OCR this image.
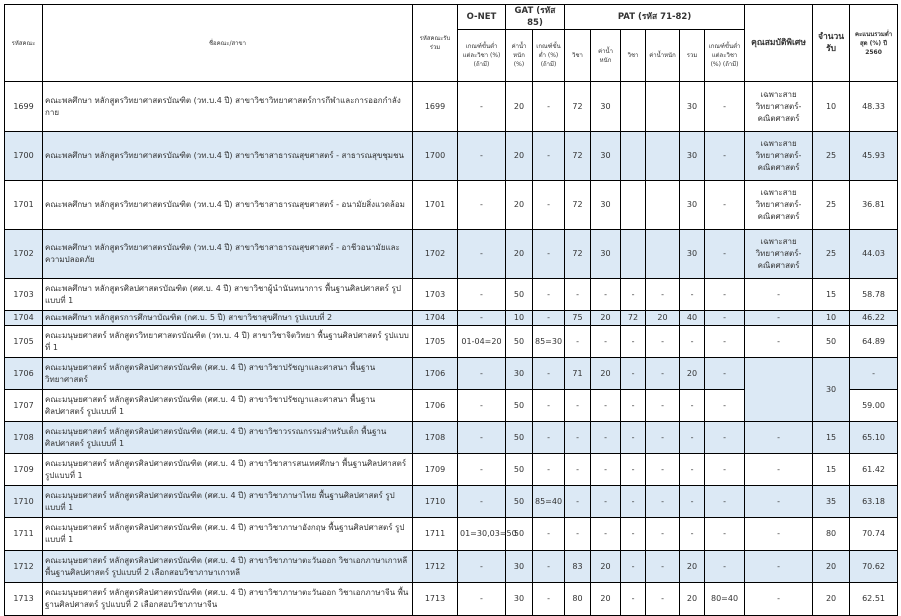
รหัสคณะ	ชื่อคณะ/สาขา	รหัสคณะรับร่วม	O-NET	GAT (รหัส 85)		PAT (รหัส 71-82)						คุณสมบัติพิเศษ	จำนวนรับ	คะแนนรวมต่ำสุด (%) ปี 2560
			เกณฑ์ขั้นต่ำแต่ละวิชา (%) (ถ้ามี)	ค่าน้ำหนัก (%)	เกณฑ์ขั้นต่ำ (%) (ถ้ามี)	วิชา	ค่าน้ำหนัก	วิชา	ค่าน้ำหนัก	รวม	เกณฑ์ขั้นต่ำแต่ละวิชา (%) (ถ้ามี)			
1699	คณะพลศึกษา หลักสูตรวิทยาศาสตรบัณฑิต (วท.บ.4 ปี) สาขาวิชาวิทยาศาสตร์การกีฬาและการออกกำลังกาย	1699	-	20	-	72	30			30	-	เฉพาะสายวิทยาศาสตร์-คณิตศาสตร์	10	48.33
1700	คณะพลศึกษา หลักสูตรวิทยาศาสตรบัณฑิต (วท.บ.4 ปี) สาขาวิชาสาธารณสุขศาสตร์ - สาธารณสุขชุมชน	1700	-	20	-	72	30			30	-	เฉพาะสายวิทยาศาสตร์-คณิตศาสตร์	25	45.93
1701	คณะพลศึกษา หลักสูตรวิทยาศาสตรบัณฑิต (วท.บ.4 ปี) สาขาวิชาสาธารณสุขศาสตร์ - อนามัยสิ่งแวดล้อม	1701	-	20	-	72	30			30	-	เฉพาะสายวิทยาศาสตร์-คณิตศาสตร์	25	36.81
1702	คณะพลศึกษา หลักสูตรวิทยาศาสตรบัณฑิต (วท.บ.4 ปี) สาขาวิชาสาธารณสุขศาสตร์ - อาชีวอนามัยและความปลอดภัย	1702	-	20	-	72	30			30	-	เฉพาะสายวิทยาศาสตร์-คณิตศาสตร์	25	44.03
1703	คณะพลศึกษา หลักสูตรศิลปศาสตรบัณฑิต (ศศ.บ. 4 ปี) สาขาวิชาผู้นำนันทนาการ พื้นฐานศิลปศาสตร์ รูปแบบที่ 1	1703	-	50	-	-	-	-	-	-	-	-	15	58.78
1704	คณะพลศึกษา หลักสูตรการศึกษาบัณฑิต (กศ.บ. 5 ปี) สาขาวิชาสุขศึกษา รูปแบบที่ 2	1704	-	10	-	75	20	72	20	40	-	-	10	46.22
1705	คณะมนุษยศาสตร์ หลักสูตรวิทยาศาสตรบัณฑิต (วท.บ. 4 ปี) สาขาวิชาจิตวิทยา พื้นฐานศิลปศาสตร์ รูปแบบที่ 1	1705	01-04=20	50	85=30	-	-	-	-	-	-	-	50	64.89
1706	คณะมนุษยศาสตร์ หลักสูตรศิลปศาสตรบัณฑิต (ศศ.บ. 4 ปี) สาขาวิชาปรัชญาและศาสนา พื้นฐานวิทยาศาสตร์	1706	-	30	-	71	20	-	-	20	-		30	-
1707	คณะมนุษยศาสตร์ หลักสูตรศิลปศาสตรบัณฑิต (ศศ.บ. 4 ปี) สาขาวิชาปรัชญาและศาสนา พื้นฐานศิลปศาสตร์ รูปแบบที่ 1	1706	-	50	-	-	-	-	-	-	-			59.00
1708	คณะมนุษยศาสตร์ หลักสูตรศิลปศาสตรบัณฑิต (ศศ.บ. 4 ปี) สาขาวิชาวรรณกรรมสำหรับเด็ก พื้นฐานศิลปศาสตร์ รูปแบบที่ 1	1708	-	50	-	-	-	-	-	-	-	-	15	65.10
1709	คณะมนุษยศาสตร์ หลักสูตรศิลปศาสตรบัณฑิต (ศศ.บ. 4 ปี) สาขาวิชาสารสนเทศศึกษา พื้นฐานศิลปศาสตร์ รูปแบบที่ 1	1709	-	50	-	-	-	-	-	-	-	-	15	61.42
1710	คณะมนุษยศาสตร์ หลักสูตรศิลปศาสตรบัณฑิต (ศศ.บ. 4 ปี) สาขาวิชาภาษาไทย พื้นฐานศิลปศาสตร์ รูปแบบที่ 1	1710	-	50	85=40	-	-	-	-	-	-	-	35	63.18
1711	คณะมนุษยศาสตร์ หลักสูตรศิลปศาสตรบัณฑิต (ศศ.บ. 4 ปี) สาขาวิชาภาษาอังกฤษ พื้นฐานศิลปศาสตร์ รูปแบบที่ 1	1711	01=30,03=50	50	-	-	-	-	-	-	-	-	80	70.74
1712	คณะมนุษยศาสตร์ หลักสูตรศิลปศาสตรบัณฑิต (ศศ.บ. 4 ปี) สาขาวิชาภาษาตะวันออก วิชาเอกภาษาเกาหลี พื้นฐานศิลปศาสตร์ รูปแบบที่ 2 เลือกสอบวิชาภาษาเกาหลี	1712	-	30	-	83	20	-	-	20	-	-	20	70.62
1713	คณะมนุษยศาสตร์ หลักสูตรศิลปศาสตรบัณฑิต (ศศ.บ. 4 ปี) สาขาวิชาภาษาตะวันออก วิชาเอกภาษาจีน พื้นฐานศิลปศาสตร์ รูปแบบที่ 2 เลือกสอบวิชาภาษาจีน	1713	-	30	-	80	20	-	-	20	80=40	-	20	62.51
